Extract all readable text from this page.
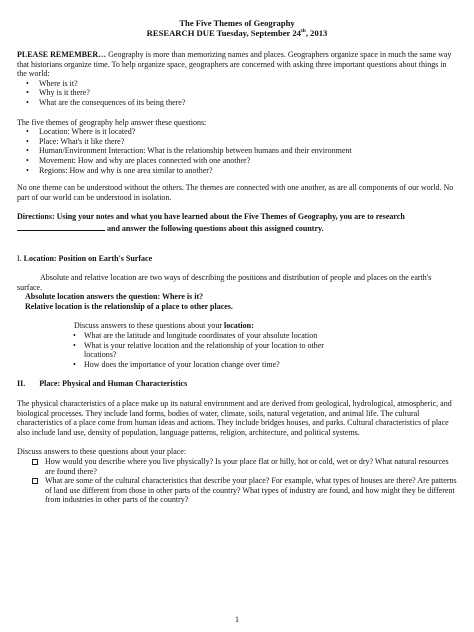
The Five Themes of Geography
RESEARCH DUE Tuesday, September 24th, 2013

PLEASE REMEMBER… Geography is more than memorizing names and places. Geographers organize space in much the same way that historians organize time. To help organize space, geographers are concerned with asking three important questions about things in the world:

• Where is it?
• Why is it there?
• What are the consequences of its being there?

The five themes of geography help answer these questions:

• Location: Where is it located?
• Place: What's it like there?
• Human/Environment Interaction: What is the relationship between humans and their environment
• Movement: How and why are places connected with one another?
• Regions: How and why is one area similar to another?

No one theme can be understood without the others. The themes are connected with one another, as are all components of our world. No part of our world can be understood in isolation.

Directions: Using your notes and what you have learned about the Five Themes of Geography, you are to research  and answer the following questions about this assigned country.

I. Location: Position on Earth's Surface

Absolute and relative location are two ways of describing the positions and distribution of people and places on the earth's surface.

Absolute location answers the question: Where is it?

Relative location is the relationship of a place to other places.

Discuss answers to these questions about your location:

• What are the latitude and longitude coordinates of your absolute location
• What is your relative location and the relationship of your location to other locations?
• How does the importance of your location change over time?

II. Place: Physical and Human Characteristics

The physical characteristics of a place make up its natural environment and are derived from geological, hydrological, atmospheric, and biological processes. They include land forms, bodies of water, climate, soils, natural vegetation, and animal life. The cultural characteristics of a place come from human ideas and actions. They include bridges houses, and parks. Cultural characteristics of place also include land use, density of population, language patterns, religion, architecture, and political systems.

Discuss answers to these questions about your place:

How would you describe where you live physically? Is your place flat or hilly, hot or cold, wet or dry? What natural resources are found there?
What are some of the cultural characteristics that describe your place? For example, what types of houses are there? Are patterns of land use different from those in other parts of the country? What types of industry are found, and how might they be different from industries in other parts of the country?
1
